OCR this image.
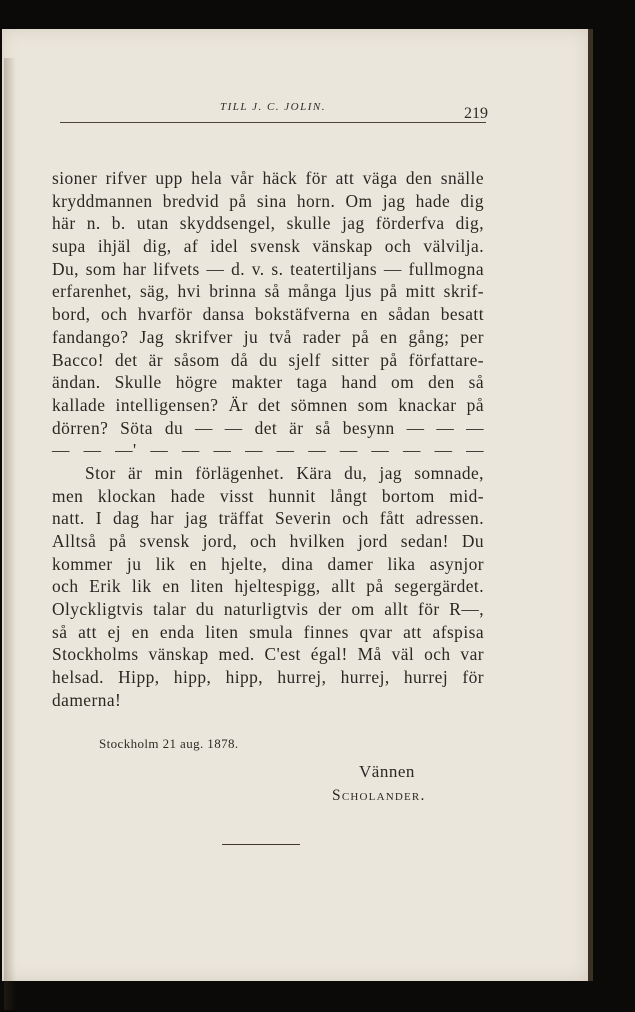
TILL J. C. JOLIN.	219
sioner rifver upp hela vår häck för att väga den snälle
kryddmannen bredvid på sina horn. Om jag hade dig
här n. b. utan skyddsengel, skulle jag förderfva dig,
supa ihjäl dig, af idel svensk vänskap och välvilja.
Du, som har lifvets — d. v. s. teatertiljans — fullmogna
erfarenhet, säg, hvi brinna så många ljus på mitt skrif-
bord, och hvarför dansa bokstäfverna en sådan besatt
fandango? Jag skrifver ju två rader på en gång; per
Bacco! det är såsom då du sjelf sitter på författare-
ändan. Skulle högre makter taga hand om den så
kallade intelligensen? Är det sömnen som knackar på
dörren? Söta du — — det är så besynn — — —
— — —' — — — — — — — — — — —
Stor är min förlägenhet. Kära du, jag somnade,
men klockan hade visst hunnit långt bortom mid-
natt. I dag har jag träffat Severin och fått adressen.
Alltså på svensk jord, och hvilken jord sedan! Du
kommer ju lik en hjelte, dina damer lika asynjor
och Erik lik en liten hjeltespigg, allt på segergärdet.
Olyckligtvis talar du naturligtvis der om allt för R—,
så att ej en enda liten smula finnes qvar att afspisa
Stockholms vänskap med. C'est égal! Må väl och var
helsad. Hipp, hipp, hipp, hurrej, hurrej, hurrej för
damerna!
Stockholm 21 aug. 1878.
Vännen
Scholander.
